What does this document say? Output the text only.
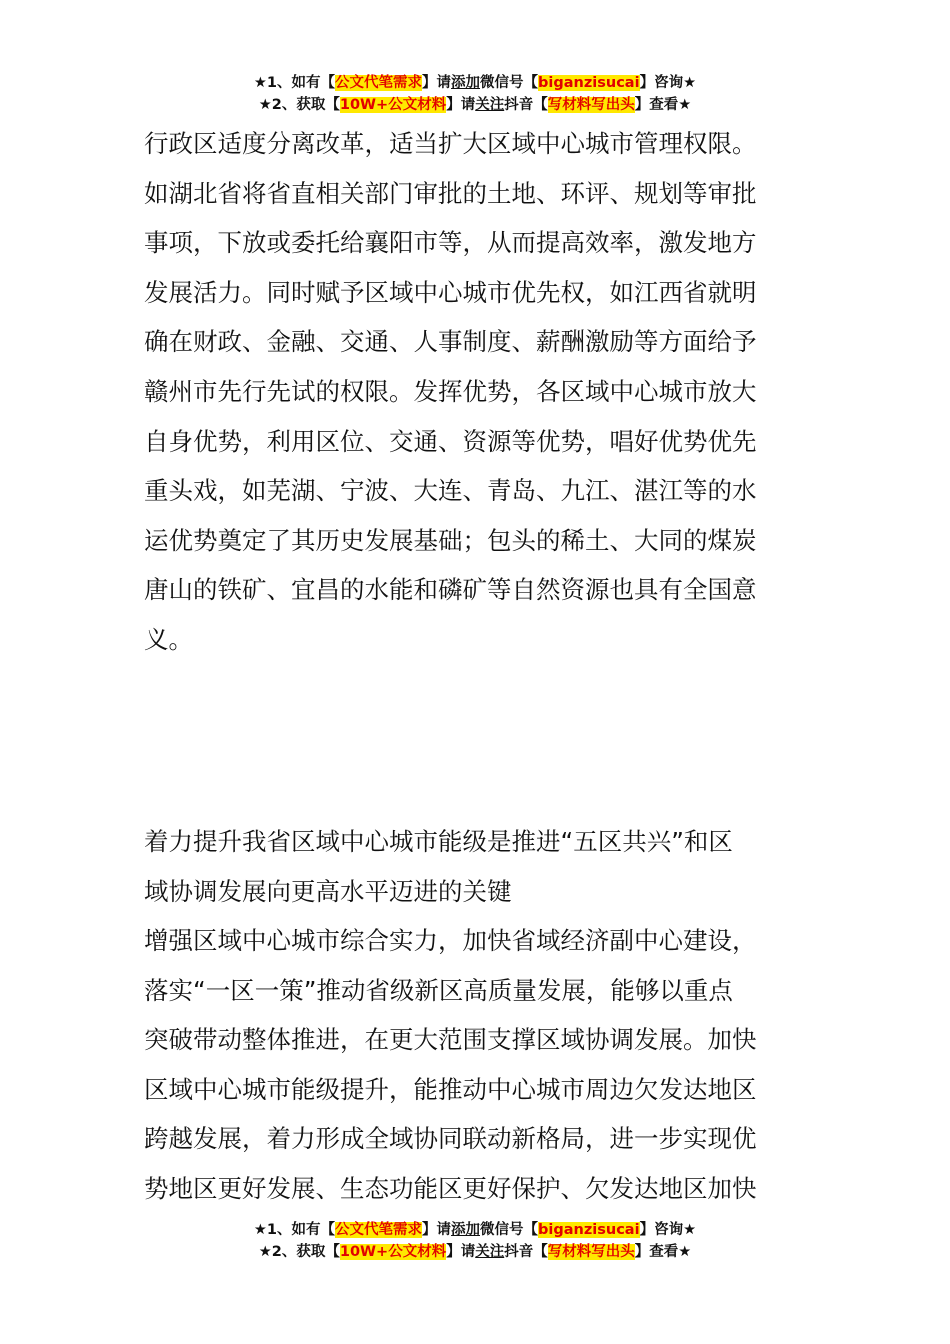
★1、如有【公文代笔需求】请添加微信号【biganzisucai】咨询★
★2、获取【10W+公文材料】请关注抖音【写材料写出头】查看★
行政区适度分离改革，适当扩大区域中心城市管理权限。
如湖北省将省直相关部门审批的土地、环评、规划等审批
事项，下放或委托给襄阳市等，从而提高效率，激发地方
发展活力。同时赋予区域中心城市优先权，如江西省就明
确在财政、金融、交通、人事制度、薪酬激励等方面给予
赣州市先行先试的权限。发挥优势，各区域中心城市放大
自身优势，利用区位、交通、资源等优势，唱好优势优先
重头戏，如芜湖、宁波、大连、青岛、九江、湛江等的水
运优势奠定了其历史发展基础；包头的稀土、大同的煤炭
唐山的铁矿、宜昌的水能和磷矿等自然资源也具有全国意
义。
着力提升我省区域中心城市能级是推进“五区共兴”和区
域协调发展向更高水平迈进的关键
增强区域中心城市综合实力，加快省域经济副中心建设，
落实“一区一策”推动省级新区高质量发展，能够以重点
突破带动整体推进，在更大范围支撑区域协调发展。加快
区域中心城市能级提升，能推动中心城市周边欠发达地区
跨越发展，着力形成全域协同联动新格局，进一步实现优
势地区更好发展、生态功能区更好保护、欠发达地区加快
★1、如有【公文代笔需求】请添加微信号【biganzisucai】咨询★
★2、获取【10W+公文材料】请关注抖音【写材料写出头】查看★
